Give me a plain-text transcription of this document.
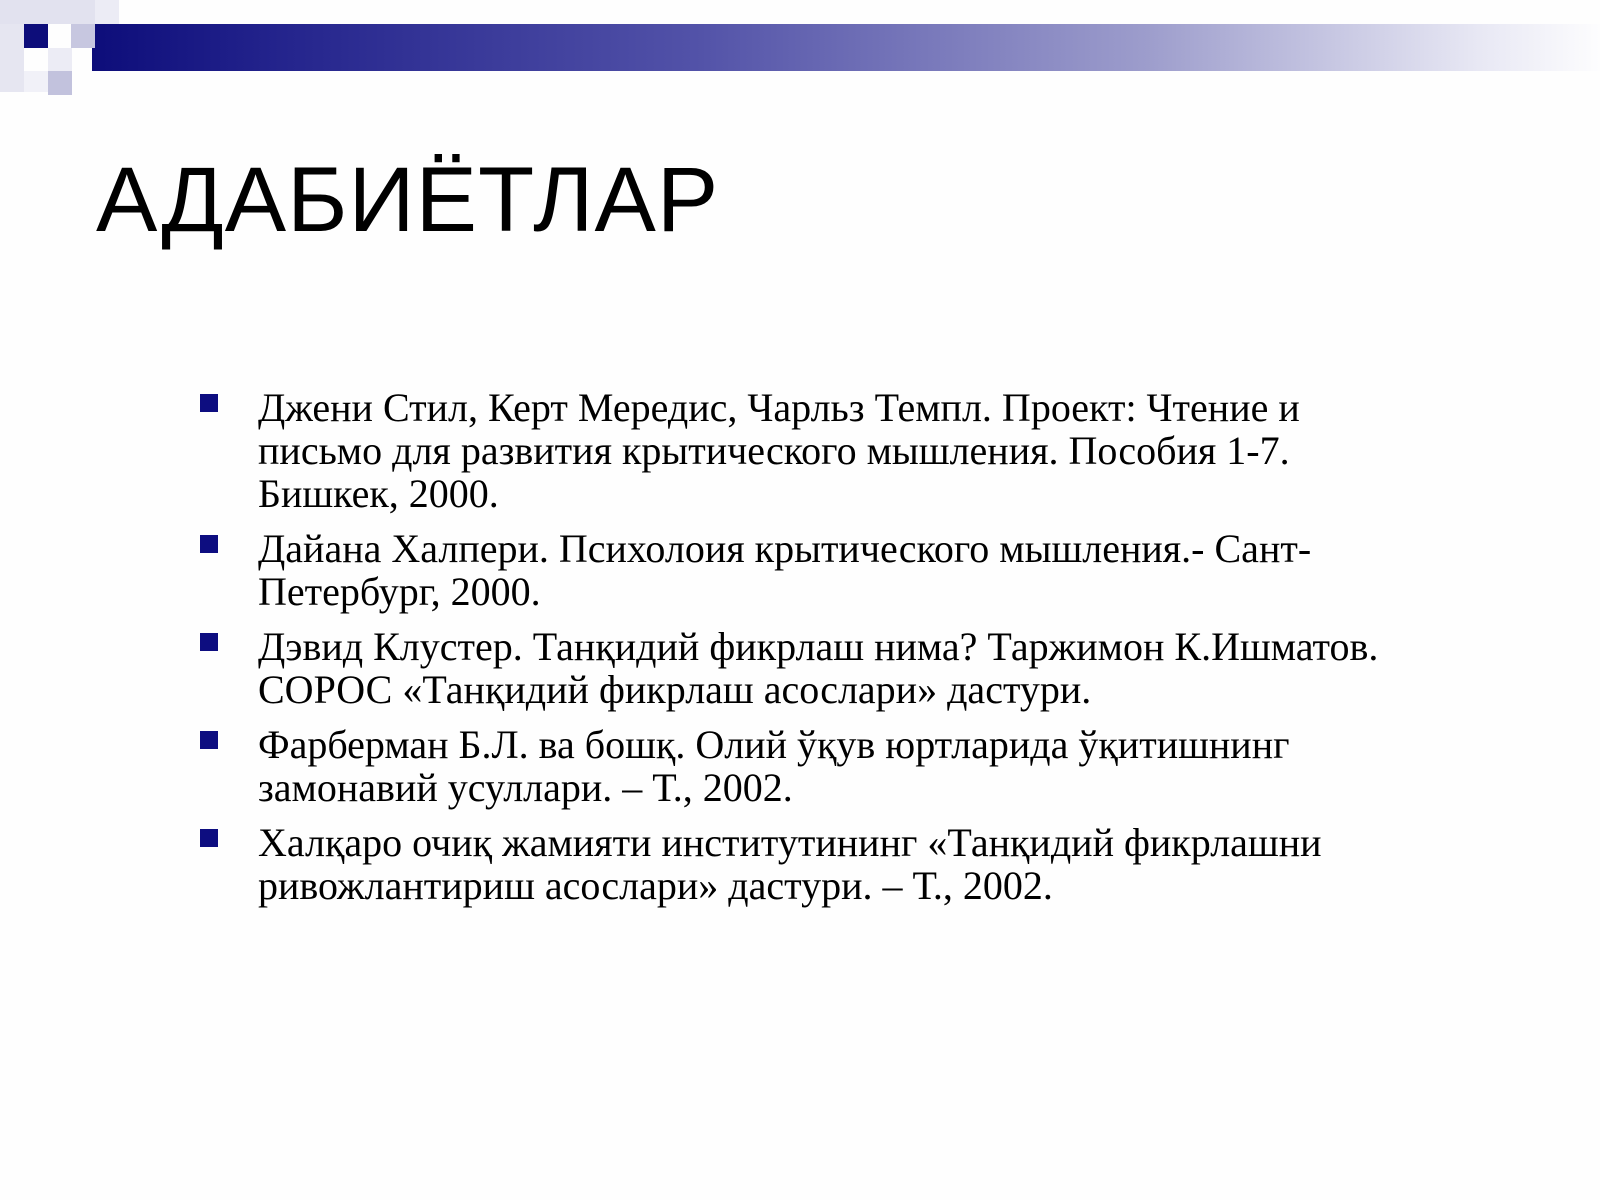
АДАБИЁТЛАР
Джени Стил, Керт Мередис, Чарльз Темпл. Проект: Чтение и письмо для развития крытического мышления. Пособия 1-7. Бишкек, 2000.
Дайана Халпери. Психолоия крытического мышления.- Сант-Петербург, 2000.
Дэвид Клустер. Танқидий фикрлаш нима? Таржимон К.Ишматов. СОРОС «Танқидий фикрлаш асослари» дастури.
Фарберман Б.Л. ва бошқ. Олий ўқув юртларида ўқитишнинг замонавий усуллари. – Т., 2002.
Халқаро очиқ жамияти институтининг «Танқидий фикрлашни ривожлантириш асослари» дастури. – Т., 2002.
